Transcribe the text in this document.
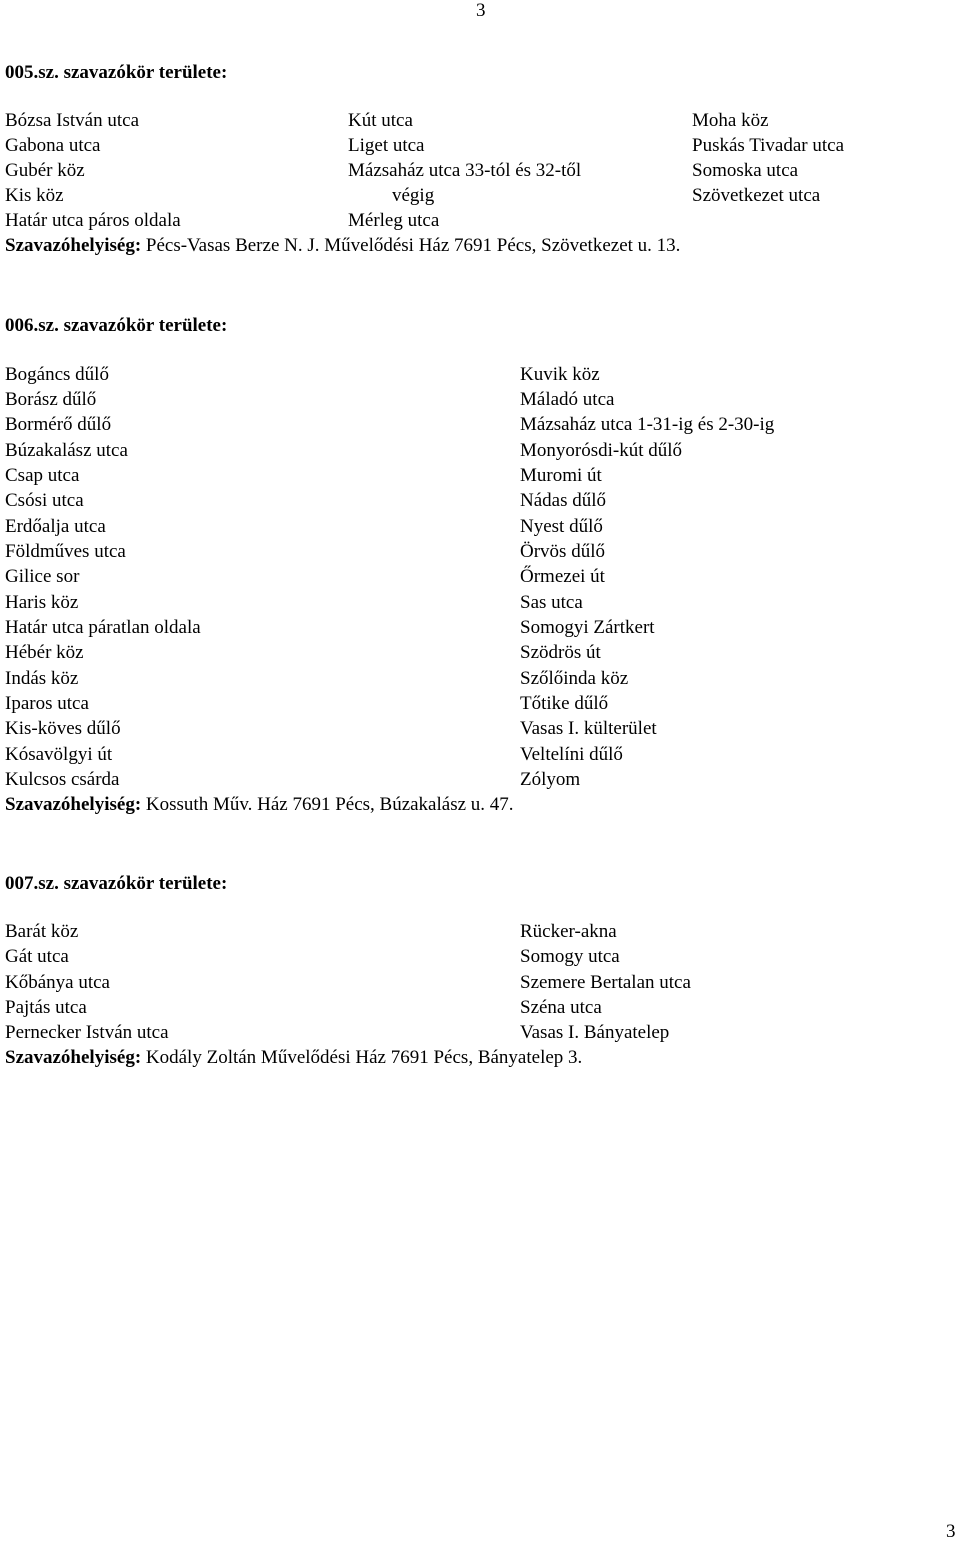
3
005.sz. szavazókör területe:
Bózsa István utca
Gabona utca
Gubér köz
Kis köz
Határ utca páros oldala
Kút utca
Liget utca
Mázsaház utca 33-tól és 32-től
végig
Mérleg utca
Moha köz
Puskás Tivadar utca
Somoska utca
Szövetkezet utca
Szavazóhelyiség: Pécs-Vasas Berze N. J. Művelődési Ház 7691 Pécs, Szövetkezet u. 13.
006.sz. szavazókör területe:
Bogáncs dűlő
Borász dűlő
Bormérő dűlő
Búzakalász utca
Csap utca
Csósi utca
Erdőalja utca
Földműves utca
Gilice sor
Haris köz
Határ utca páratlan oldala
Hébér köz
Indás köz
Iparos utca
Kis-köves dűlő
Kósavölgyi út
Kulcsos csárda
Kuvik köz
Máladó utca
Mázsaház utca 1-31-ig és 2-30-ig
Monyorósdi-kút dűlő
Muromi út
Nádas dűlő
Nyest dűlő
Örvös dűlő
Őrmezei út
Sas utca
Somogyi Zártkert
Szödrös út
Szőlőinda köz
Tőtike dűlő
Vasas I. külterület
Veltelíni dűlő
Zólyom
Szavazóhelyiség: Kossuth Műv. Ház 7691 Pécs, Búzakalász u. 47.
007.sz. szavazókör területe:
Barát köz
Gát utca
Kőbánya utca
Pajtás utca
Pernecker István utca
Rücker-akna
Somogy utca
Szemere Bertalan utca
Széna utca
Vasas I. Bányatelep
Szavazóhelyiség: Kodály Zoltán Művelődési Ház 7691 Pécs, Bányatelep 3.
3
